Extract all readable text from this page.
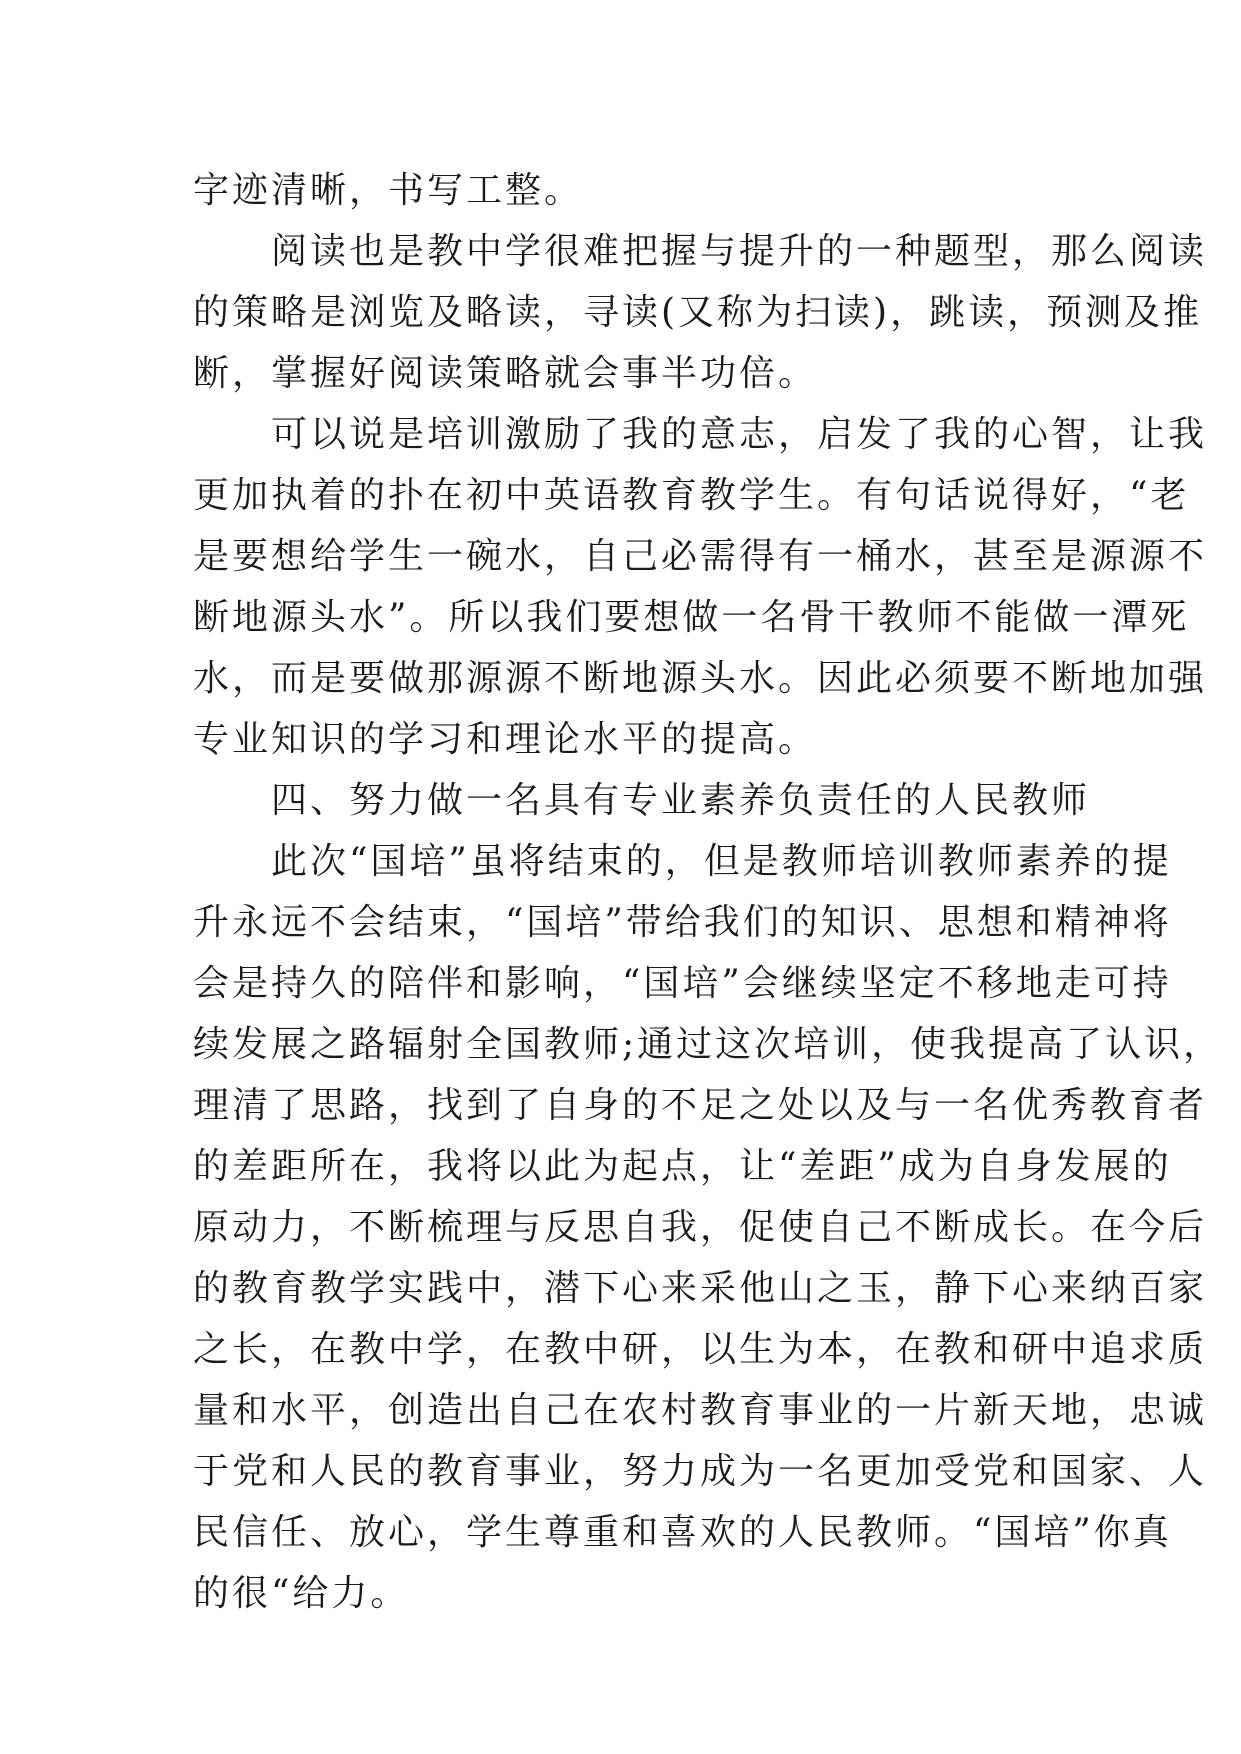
字迹清晰，书写工整。
阅读也是教中学很难把握与提升的一种题型，那么阅读
的策略是浏览及略读，寻读(又称为扫读)，跳读，预测及推
断，掌握好阅读策略就会事半功倍。
可以说是培训激励了我的意志，启发了我的心智，让我
更加执着的扑在初中英语教育教学生。有句话说得好，“老
是要想给学生一碗水，自己必需得有一桶水，甚至是源源不
断地源头水”。所以我们要想做一名骨干教师不能做一潭死
水，而是要做那源源不断地源头水。因此必须要不断地加强
专业知识的学习和理论水平的提高。
四、努力做一名具有专业素养负责任的人民教师
此次“国培”虽将结束的，但是教师培训教师素养的提
升永远不会结束，“国培”带给我们的知识、思想和精神将
会是持久的陪伴和影响，“国培”会继续坚定不移地走可持
续发展之路辐射全国教师;通过这次培训，使我提高了认识，
理清了思路，找到了自身的不足之处以及与一名优秀教育者
的差距所在，我将以此为起点，让“差距”成为自身发展的
原动力，不断梳理与反思自我，促使自己不断成长。在今后
的教育教学实践中，潜下心来采他山之玉，静下心来纳百家
之长，在教中学，在教中研，以生为本，在教和研中追求质
量和水平，创造出自己在农村教育事业的一片新天地，忠诚
于党和人民的教育事业，努力成为一名更加受党和国家、人
民信任、放心，学生尊重和喜欢的人民教师。“国培”你真
的很“给力。
